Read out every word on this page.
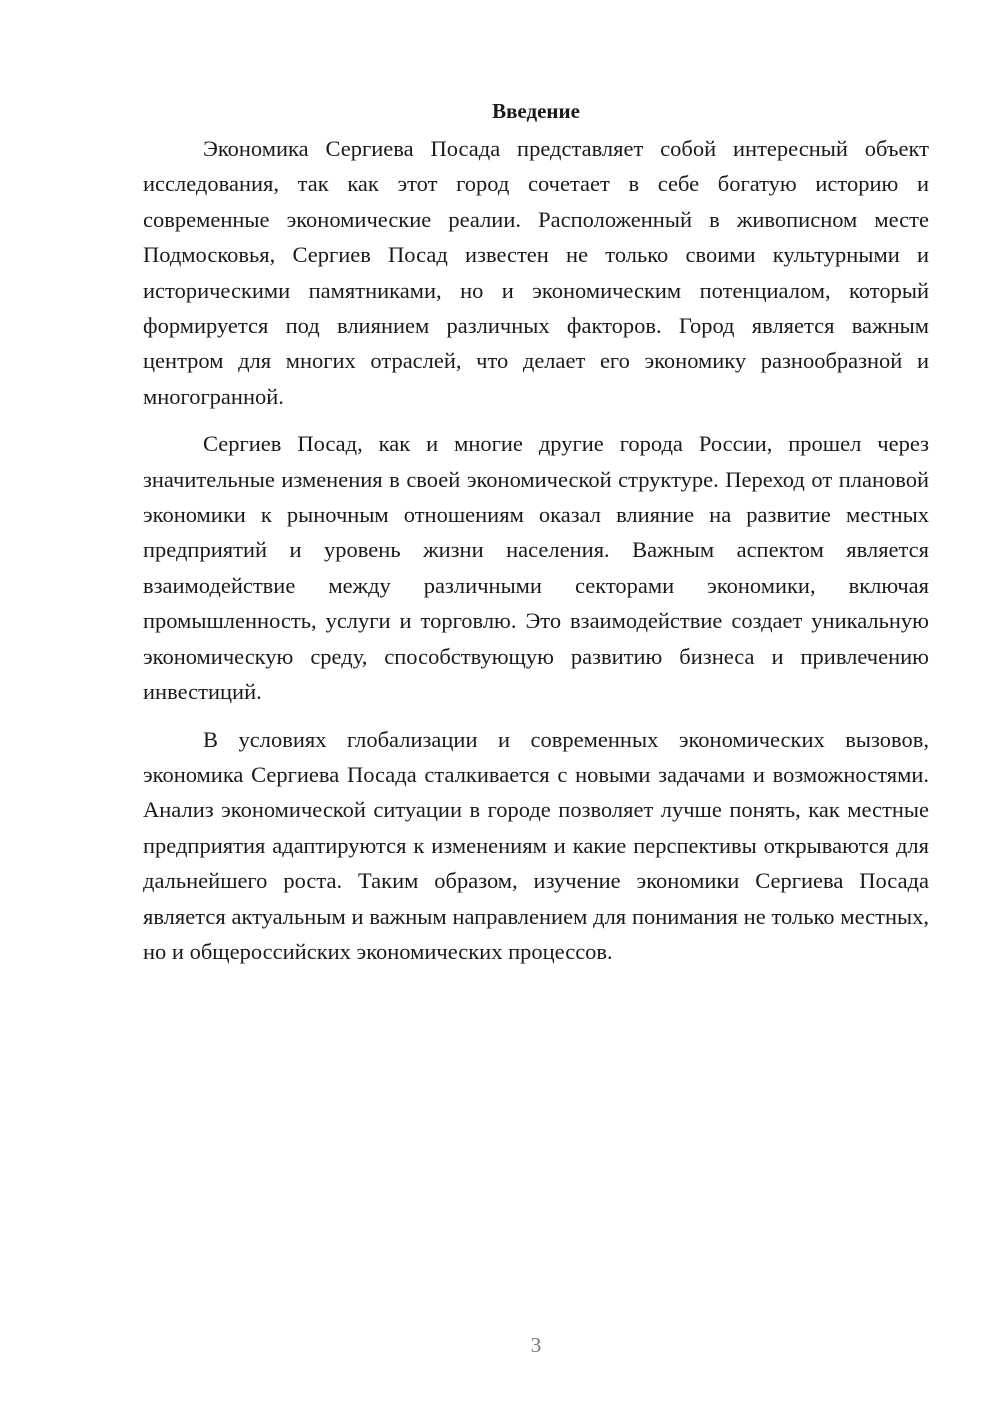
Введение

Экономика Сергиева Посада представляет собой интересный объект исследования, так как этот город сочетает в себе богатую историю и современные экономические реалии. Расположенный в живописном месте Подмосковья, Сергиев Посад известен не только своими культурными и историческими памятниками, но и экономическим потенциалом, который формируется под влиянием различных факторов. Город является важным центром для многих отраслей, что делает его экономику разнообразной и многогранной.

Сергиев Посад, как и многие другие города России, прошел через значительные изменения в своей экономической структуре. Переход от плановой экономики к рыночным отношениям оказал влияние на развитие местных предприятий и уровень жизни населения. Важным аспектом является взаимодействие между различными секторами экономики, включая промышленность, услуги и торговлю. Это взаимодействие создает уникальную экономическую среду, способствующую развитию бизнеса и привлечению инвестиций.

В условиях глобализации и современных экономических вызовов, экономика Сергиева Посада сталкивается с новыми задачами и возможностями. Анализ экономической ситуации в городе позволяет лучше понять, как местные предприятия адаптируются к изменениям и какие перспективы открываются для дальнейшего роста. Таким образом, изучение экономики Сергиева Посада является актуальным и важным направлением для понимания не только местных, но и общероссийских экономических процессов.

3
